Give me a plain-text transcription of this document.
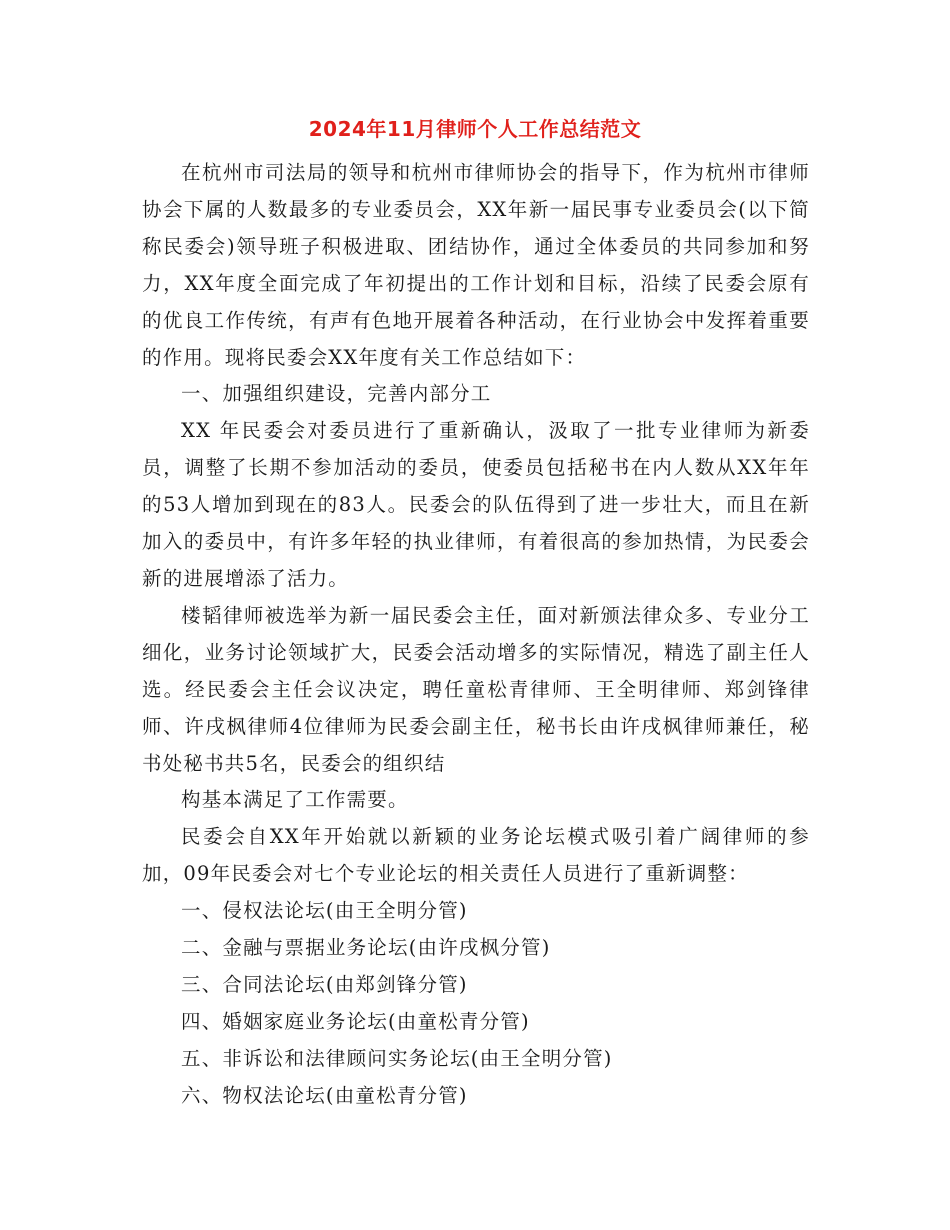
2024年11月律师个人工作总结范文

在杭州市司法局的领导和杭州市律师协会的指导下，作为杭州市律师协会下属的人数最多的专业委员会，XX年新一届民事专业委员会(以下简称民委会)领导班子积极进取、团结协作，通过全体委员的共同参加和努力，XX年度全面完成了年初提出的工作计划和目标，沿续了民委会原有的优良工作传统，有声有色地开展着各种活动，在行业协会中发挥着重要的作用。现将民委会XX年度有关工作总结如下：

一、加强组织建设，完善内部分工

XX 年民委会对委员进行了重新确认，汲取了一批专业律师为新委员，调整了长期不参加活动的委员，使委员包括秘书在内人数从XX年年的53人增加到现在的83人。民委会的队伍得到了进一步壮大，而且在新加入的委员中，有许多年轻的执业律师，有着很高的参加热情，为民委会新的进展增添了活力。

楼韬律师被选举为新一届民委会主任，面对新颁法律众多、专业分工细化，业务讨论领域扩大，民委会活动增多的实际情况，精选了副主任人选。经民委会主任会议决定，聘任童松青律师、王全明律师、郑剑锋律师、许戌枫律师4位律师为民委会副主任，秘书长由许戌枫律师兼任，秘书处秘书共5名，民委会的组织结

构基本满足了工作需要。

民委会自XX年开始就以新颖的业务论坛模式吸引着广阔律师的参加，09年民委会对七个专业论坛的相关责任人员进行了重新调整：

一、侵权法论坛(由王全明分管)

二、金融与票据业务论坛(由许戌枫分管)

三、合同法论坛(由郑剑锋分管)

四、婚姻家庭业务论坛(由童松青分管)

五、非诉讼和法律顾问实务论坛(由王全明分管)

六、物权法论坛(由童松青分管)
